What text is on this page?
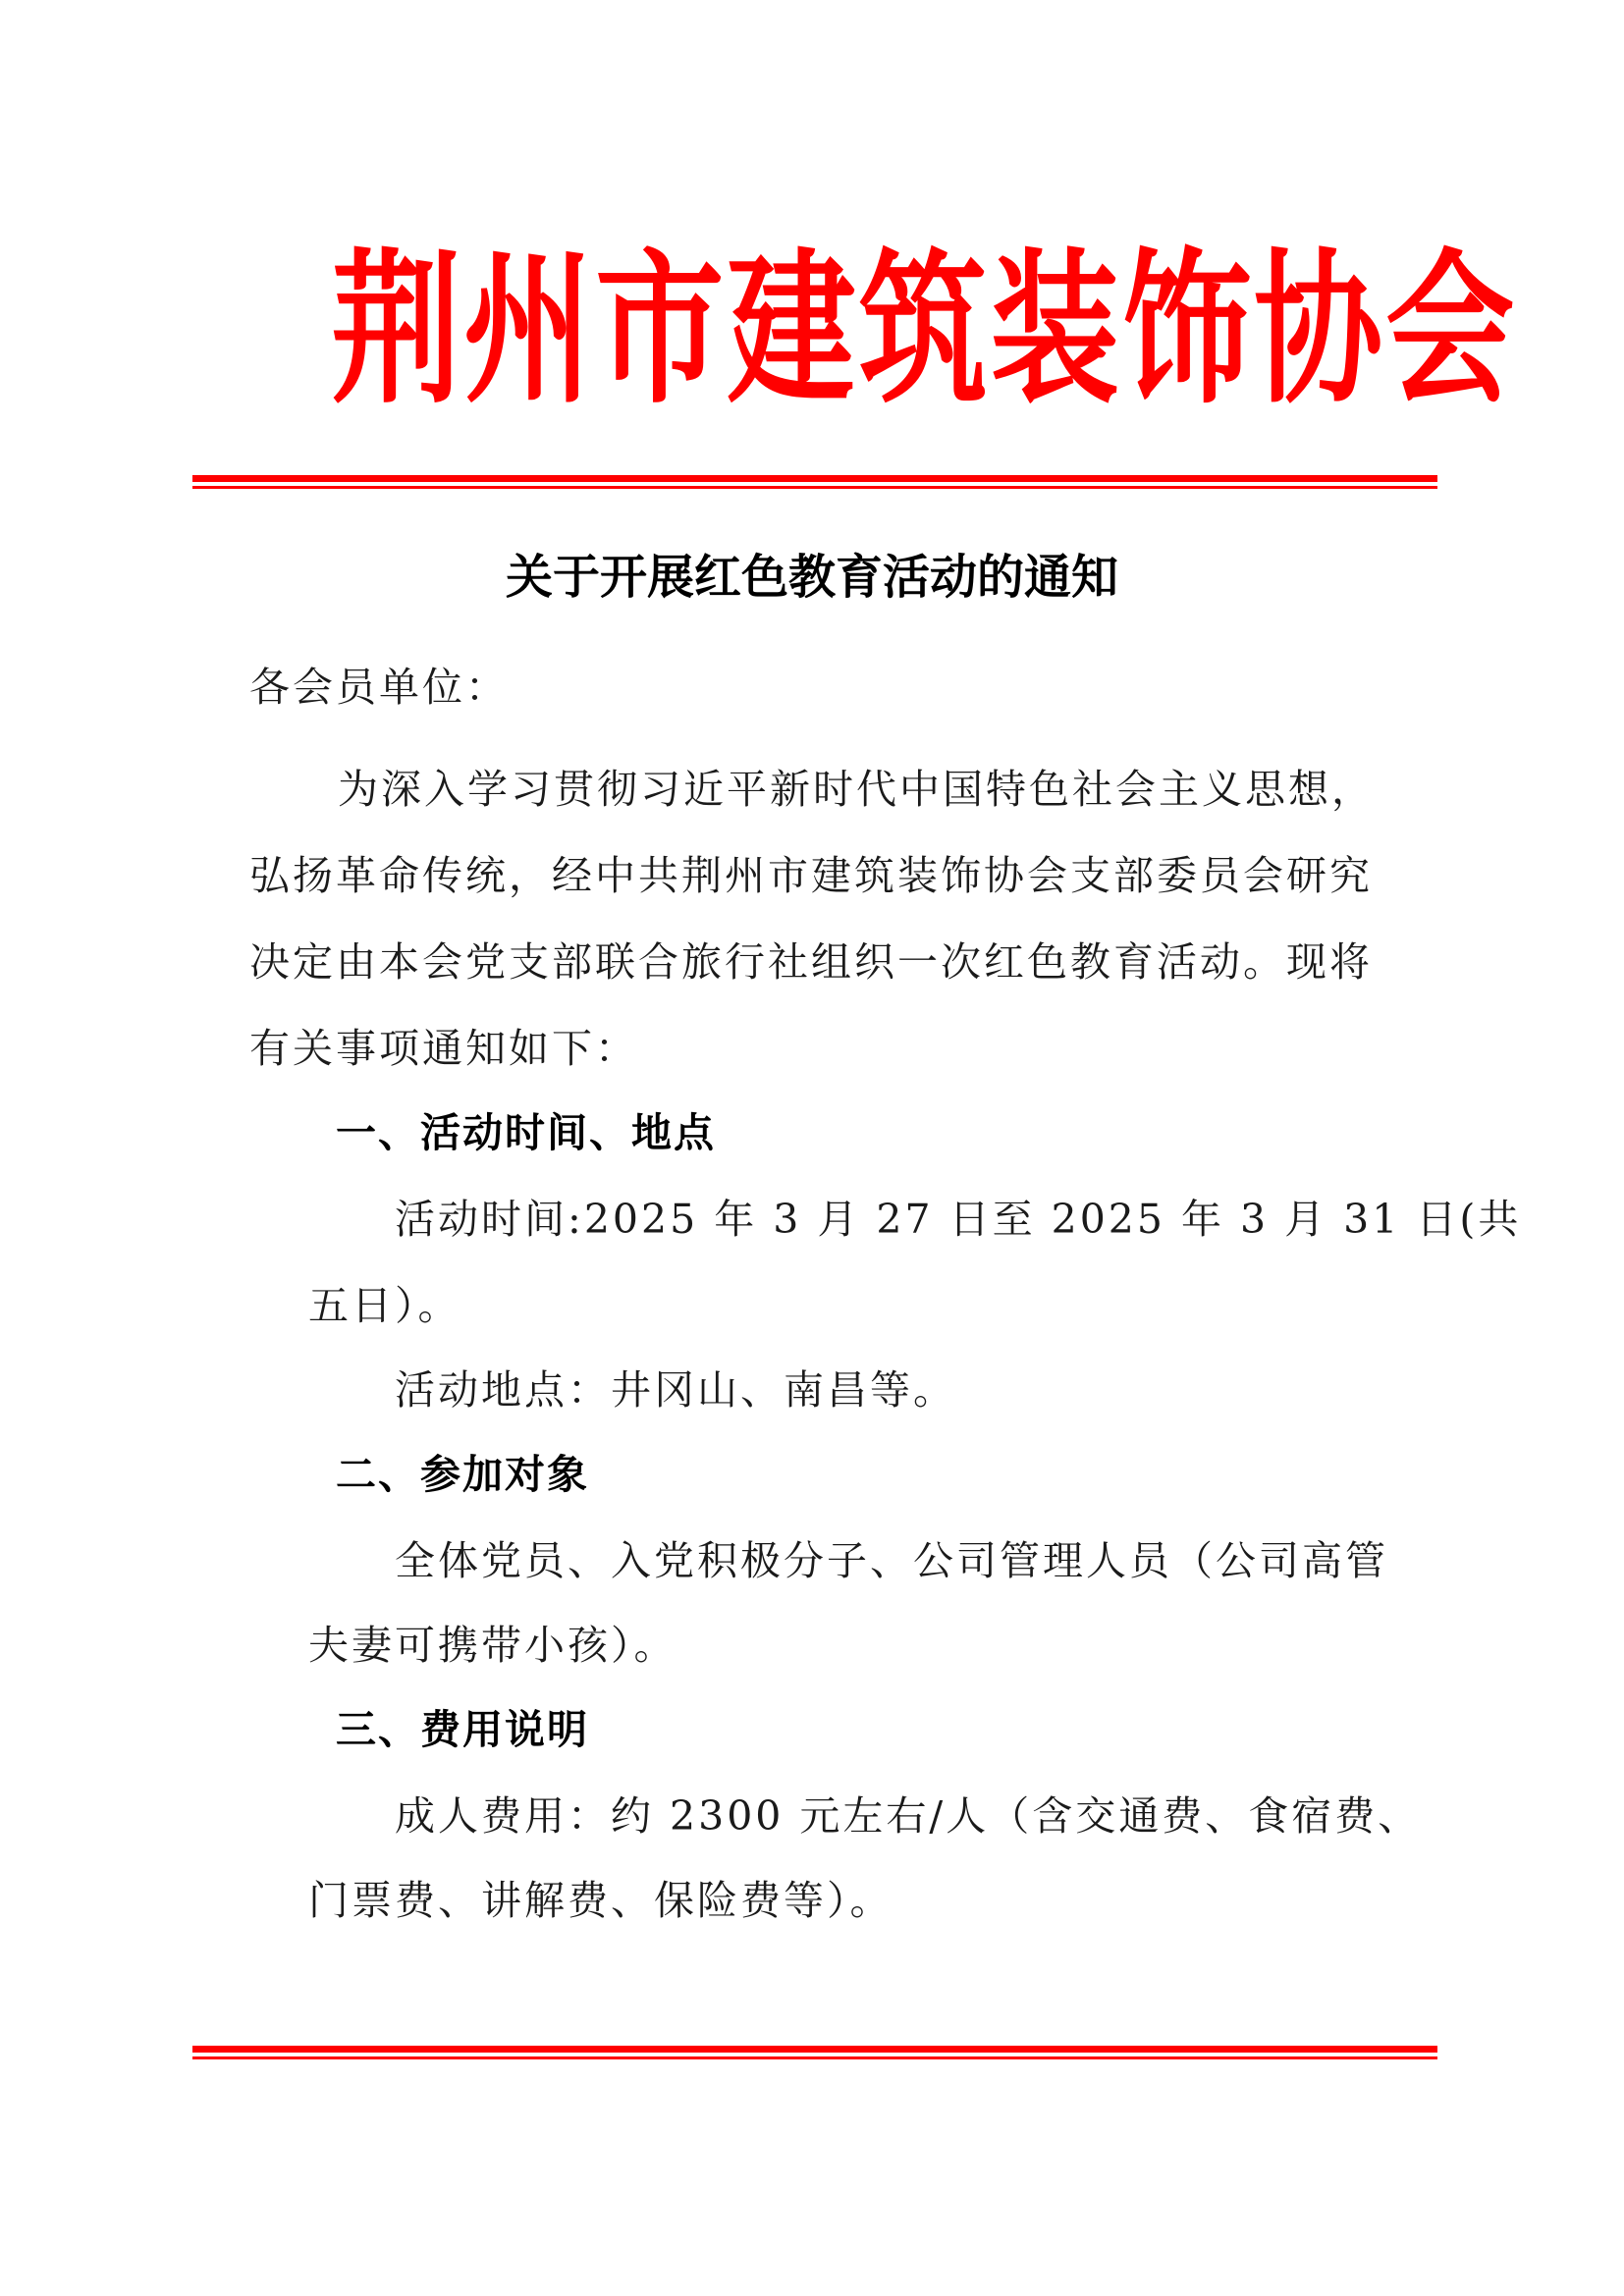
荆州市建筑装饰协会
关于开展红色教育活动的通知
各会员单位：
为深入学习贯彻习近平新时代中国特色社会主义思想，
弘扬革命传统，经中共荆州市建筑装饰协会支部委员会研究
决定由本会党支部联合旅行社组织一次红色教育活动。现将
有关事项通知如下：
一、活动时间、地点
活动时间:2025 年 3 月 27 日至 2025 年 3 月 31 日(共
五日）。
活动地点：井冈山、南昌等。
二、参加对象
全体党员、入党积极分子、公司管理人员（公司高管
夫妻可携带小孩）。
三、费用说明
成人费用：约 2300 元左右/人（含交通费、食宿费、
门票费、讲解费、保险费等）。
